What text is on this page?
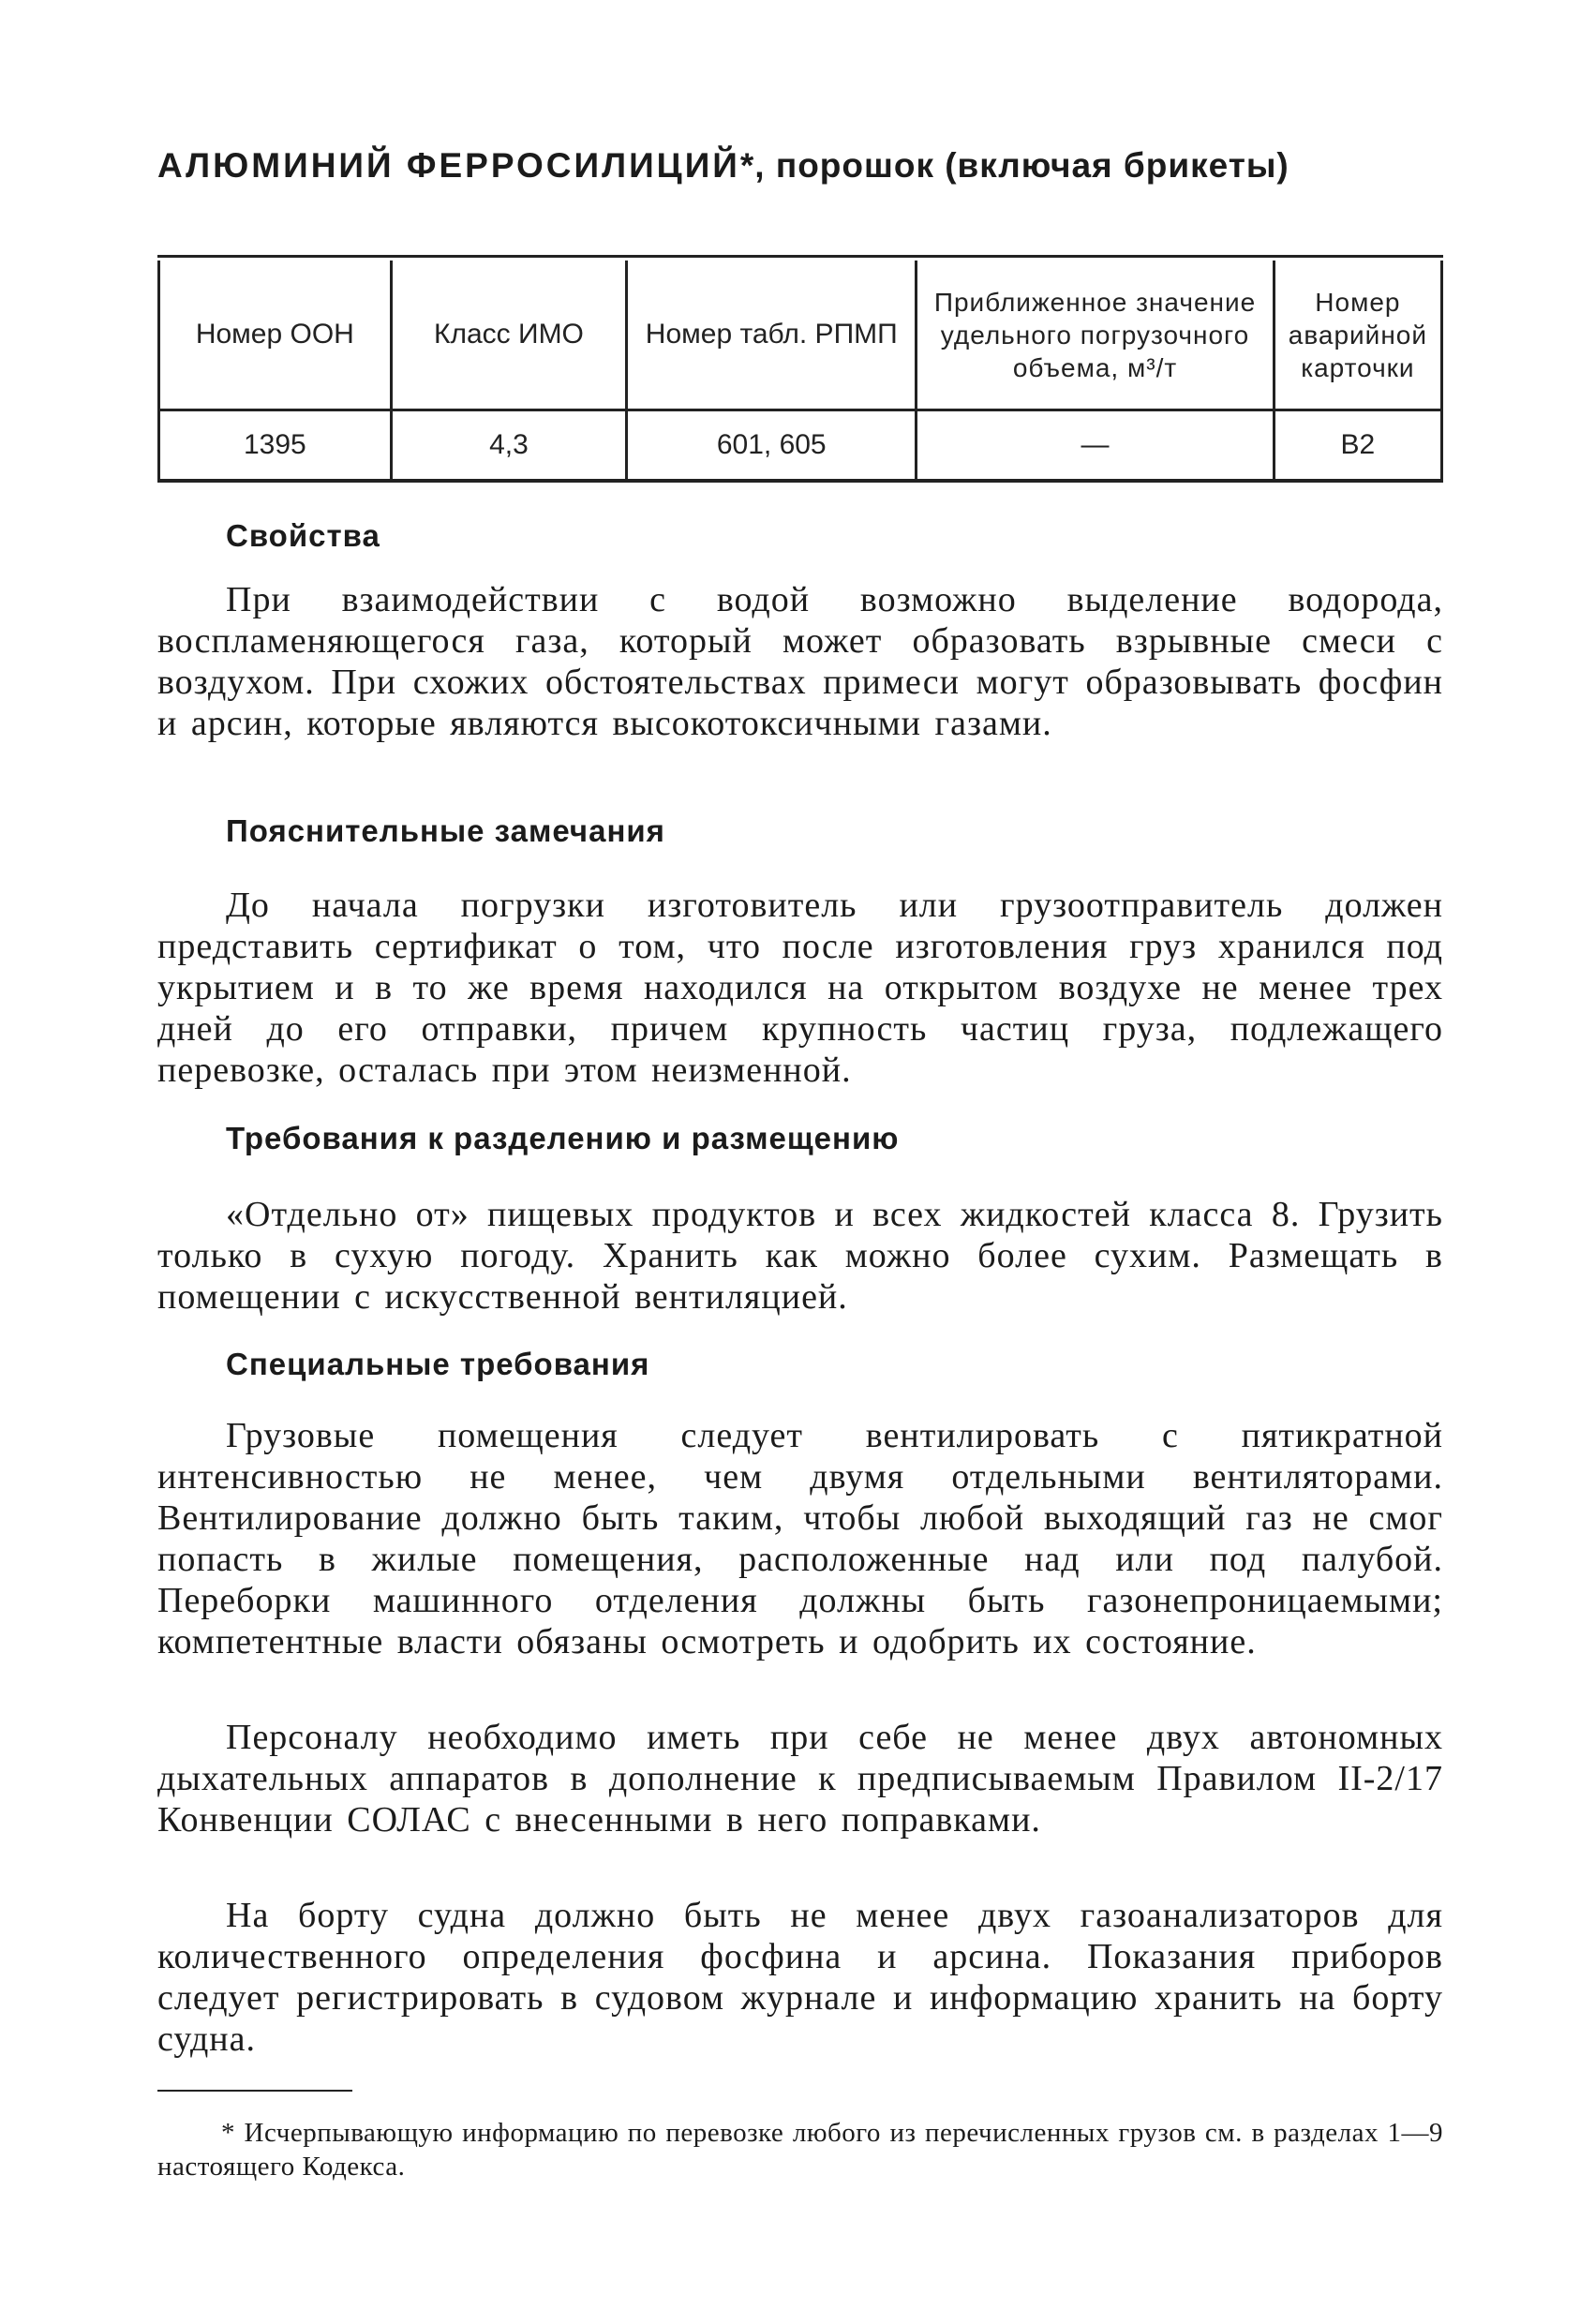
АЛЮМИНИЙ ФЕРРОСИЛИЦИЙ*, порошок (включая брикеты)
Номер ООН	Класс ИМО	Номер табл. РПМП	Приближенное значение удельного погрузочного объема, м³/т	Номер аварийной карточки
1395	4,3	601, 605	—	В2
Свойства

При взаимодействии с водой возможно выделение водорода, воспламеняющегося газа, который может образовать взрывные смеси с воздухом. При схожих обстоятельствах примеси могут образовывать фосфин и арсин, которые являются высокотоксичными газами.

Пояснительные замечания

До начала погрузки изготовитель или грузоотправитель должен представить сертификат о том, что после изготовления груз хранился под укрытием и в то же время находился на открытом воздухе не менее трех дней до его отправки, причем крупность частиц груза, подлежащего перевозке, осталась при этом неизменной.

Требования к разделению и размещению

«Отдельно от» пищевых продуктов и всех жидкостей класса 8. Грузить только в сухую погоду. Хранить как можно более сухим. Размещать в помещении с искусственной вентиляцией.

Специальные требования

Грузовые помещения следует вентилировать с пятикратной интенсивностью не менее, чем двумя отдельными вентиляторами. Вентилирование должно быть таким, чтобы любой выходящий газ не смог попасть в жилые помещения, расположенные над или под палубой. Переборки машинного отделения должны быть газонепроницаемыми; компетентные власти обязаны осмотреть и одобрить их состояние.

Персоналу необходимо иметь при себе не менее двух автономных дыхательных аппаратов в дополнение к предписываемым Правилом II-2/17 Конвенции СОЛАС с внесенными в него поправками.

На борту судна должно быть не менее двух газоанализаторов для количественного определения фосфина и арсина. Показания приборов следует регистрировать в судовом журнале и информацию хранить на борту судна.

* Исчерпывающую информацию по перевозке любого из перечисленных грузов см. в разделах 1—9 настоящего Кодекса.
